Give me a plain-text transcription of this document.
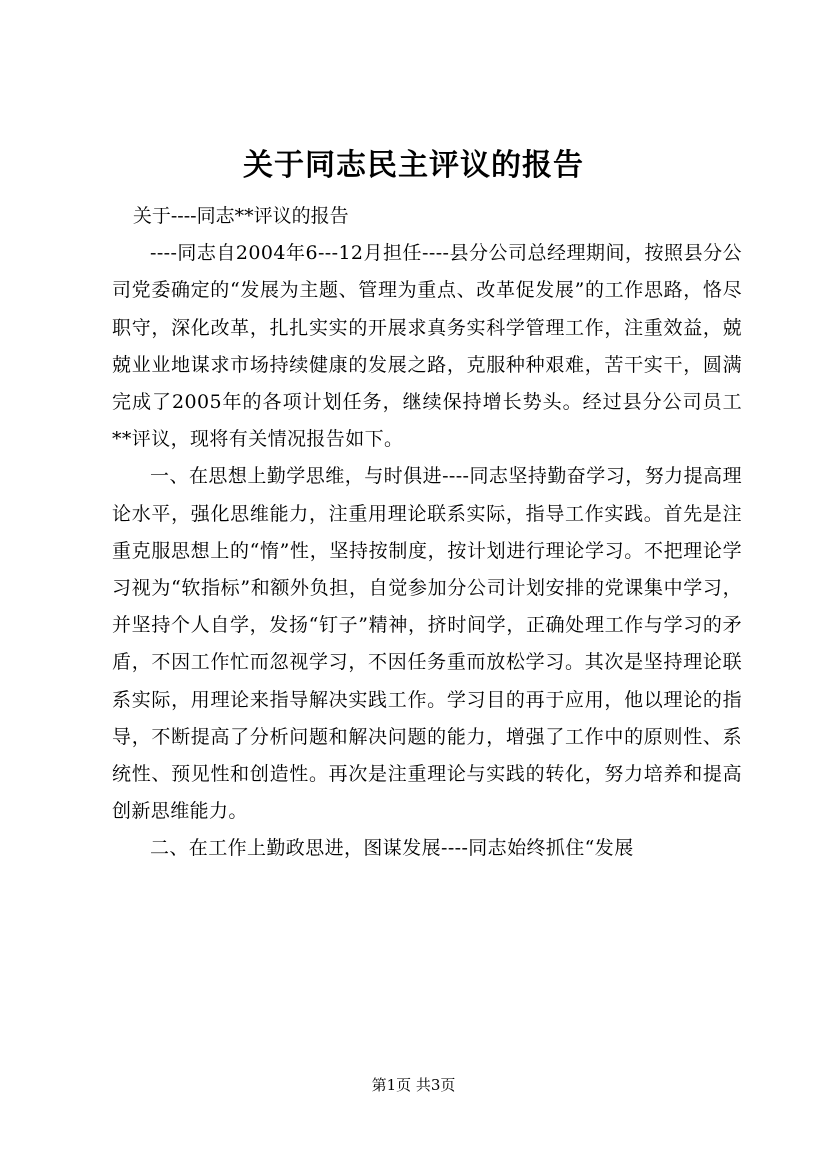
关于同志民主评议的报告

关于----同志**评议的报告

----同志自2004年6---12月担任----县分公司总经理期间，按照县分公司党委确定的“发展为主题、管理为重点、改革促发展”的工作思路，恪尽职守，深化改革，扎扎实实的开展求真务实科学管理工作，注重效益，兢兢业业地谋求市场持续健康的发展之路，克服种种艰难，苦干实干，圆满完成了2005年的各项计划任务，继续保持增长势头。经过县分公司员工**评议，现将有关情况报告如下。

一、在思想上勤学思维，与时俱进----同志坚持勤奋学习，努力提高理论水平，强化思维能力，注重用理论联系实际，指导工作实践。首先是注重克服思想上的“惰”性，坚持按制度，按计划进行理论学习。不把理论学习视为“软指标”和额外负担，自觉参加分公司计划安排的党课集中学习，并坚持个人自学，发扬“钉子”精神，挤时间学，正确处理工作与学习的矛盾，不因工作忙而忽视学习，不因任务重而放松学习。其次是坚持理论联系实际，用理论来指导解决实践工作。学习目的再于应用，他以理论的指导，不断提高了分析问题和解决问题的能力，增强了工作中的原则性、系统性、预见性和创造性。再次是注重理论与实践的转化，努力培养和提高创新思维能力。

二、在工作上勤政思进，图谋发展----同志始终抓住“发展

第1页 共3页
